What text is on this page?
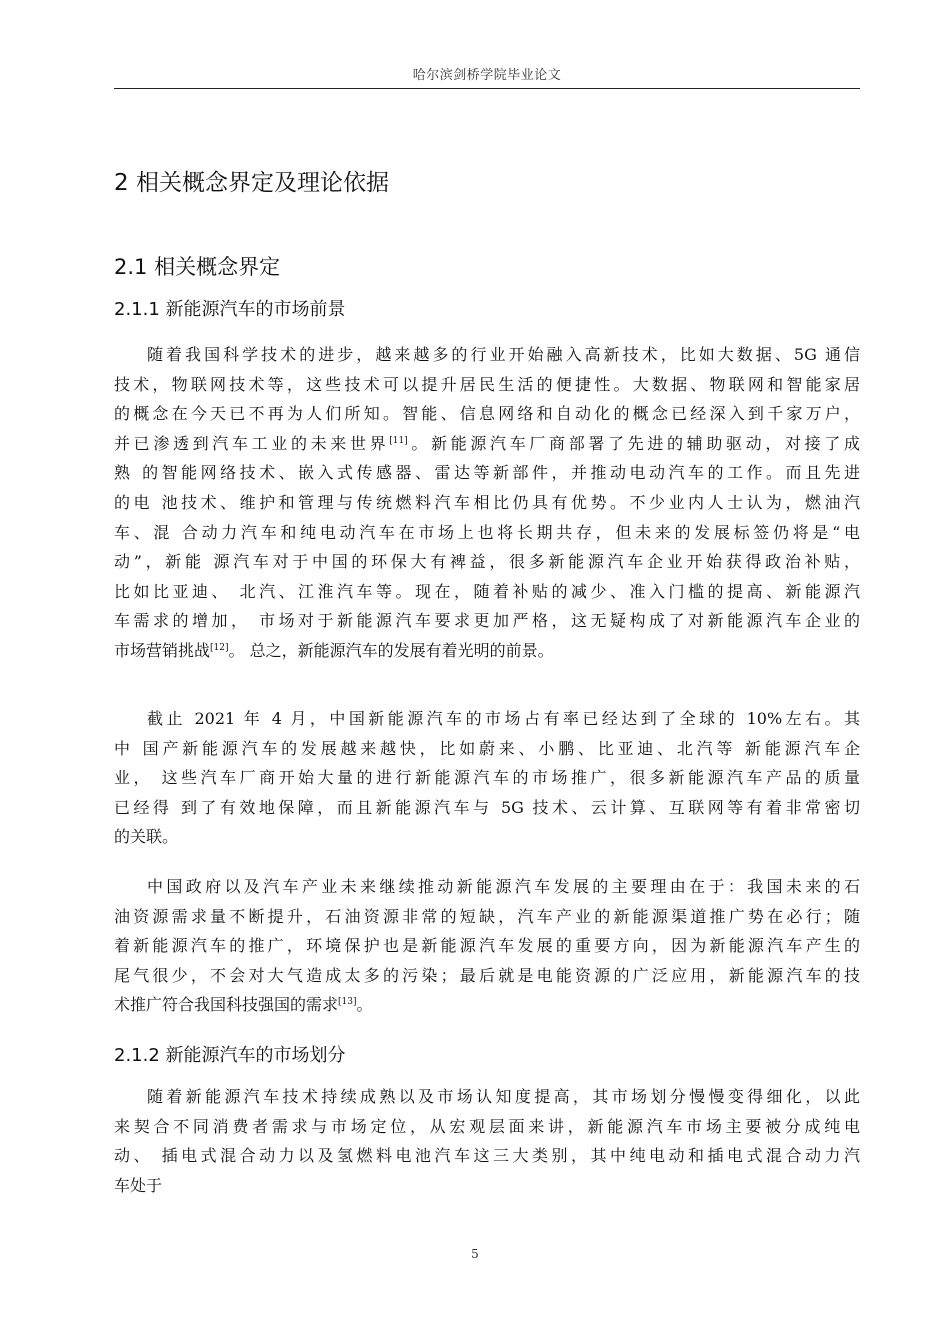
哈尔滨剑桥学院毕业论文
2 相关概念界定及理论依据
2.1 相关概念界定
2.1.1 新能源汽车的市场前景
随着我国科学技术的进步，越来越多的行业开始融入高新技术，比如大数据、5G 通信
技术，物联网技术等，这些技术可以提升居民生活的便捷性。大数据、物联网和智能家居
的概念在今天已不再为人们所知。智能、信息网络和自动化的概念已经深入到千家万户，
并已渗透到汽车工业的未来世界[11]。新能源汽车厂商部署了先进的辅助驱动，对接了成
熟 的智能网络技术、嵌入式传感器、雷达等新部件，并推动电动汽车的工作。而且先进
的电 池技术、维护和管理与传统燃料汽车相比仍具有优势。不少业内人士认为，燃油汽
车、混 合动力汽车和纯电动汽车在市场上也将长期共存，但未来的发展标签仍将是“电
动”，新能 源汽车对于中国的环保大有裨益，很多新能源汽车企业开始获得政治补贴，
比如比亚迪、 北汽、江淮汽车等。现在，随着补贴的减少、准入门槛的提高、新能源汽
车需求的增加， 市场对于新能源汽车要求更加严格，这无疑构成了对新能源汽车企业的
市场营销挑战[12]。 总之，新能源汽车的发展有着光明的前景。
截止 2021 年 4 月，中国新能源汽车的市场占有率已经达到了全球的 10%左右。其
中 国产新能源汽车的发展越来越快，比如蔚来、小鹏、比亚迪、北汽等 新能源汽车企
业， 这些汽车厂商开始大量的进行新能源汽车的市场推广，很多新能源汽车产品的质量
已经得 到了有效地保障，而且新能源汽车与 5G 技术、云计算、互联网等有着非常密切
的关联。
中国政府以及汽车产业未来继续推动新能源汽车发展的主要理由在于：我国未来的石
油资源需求量不断提升，石油资源非常的短缺，汽车产业的新能源渠道推广势在必行；随
着新能源汽车的推广，环境保护也是新能源汽车发展的重要方向，因为新能源汽车产生的
尾气很少，不会对大气造成太多的污染；最后就是电能资源的广泛应用，新能源汽车的技
术推广符合我国科技强国的需求[13]。
2.1.2 新能源汽车的市场划分
随着新能源汽车技术持续成熟以及市场认知度提高，其市场划分慢慢变得细化，以此
来契合不同消费者需求与市场定位，从宏观层面来讲，新能源汽车市场主要被分成纯电
动、 插电式混合动力以及氢燃料电池汽车这三大类别，其中纯电动和插电式混合动力汽
车处于
5
